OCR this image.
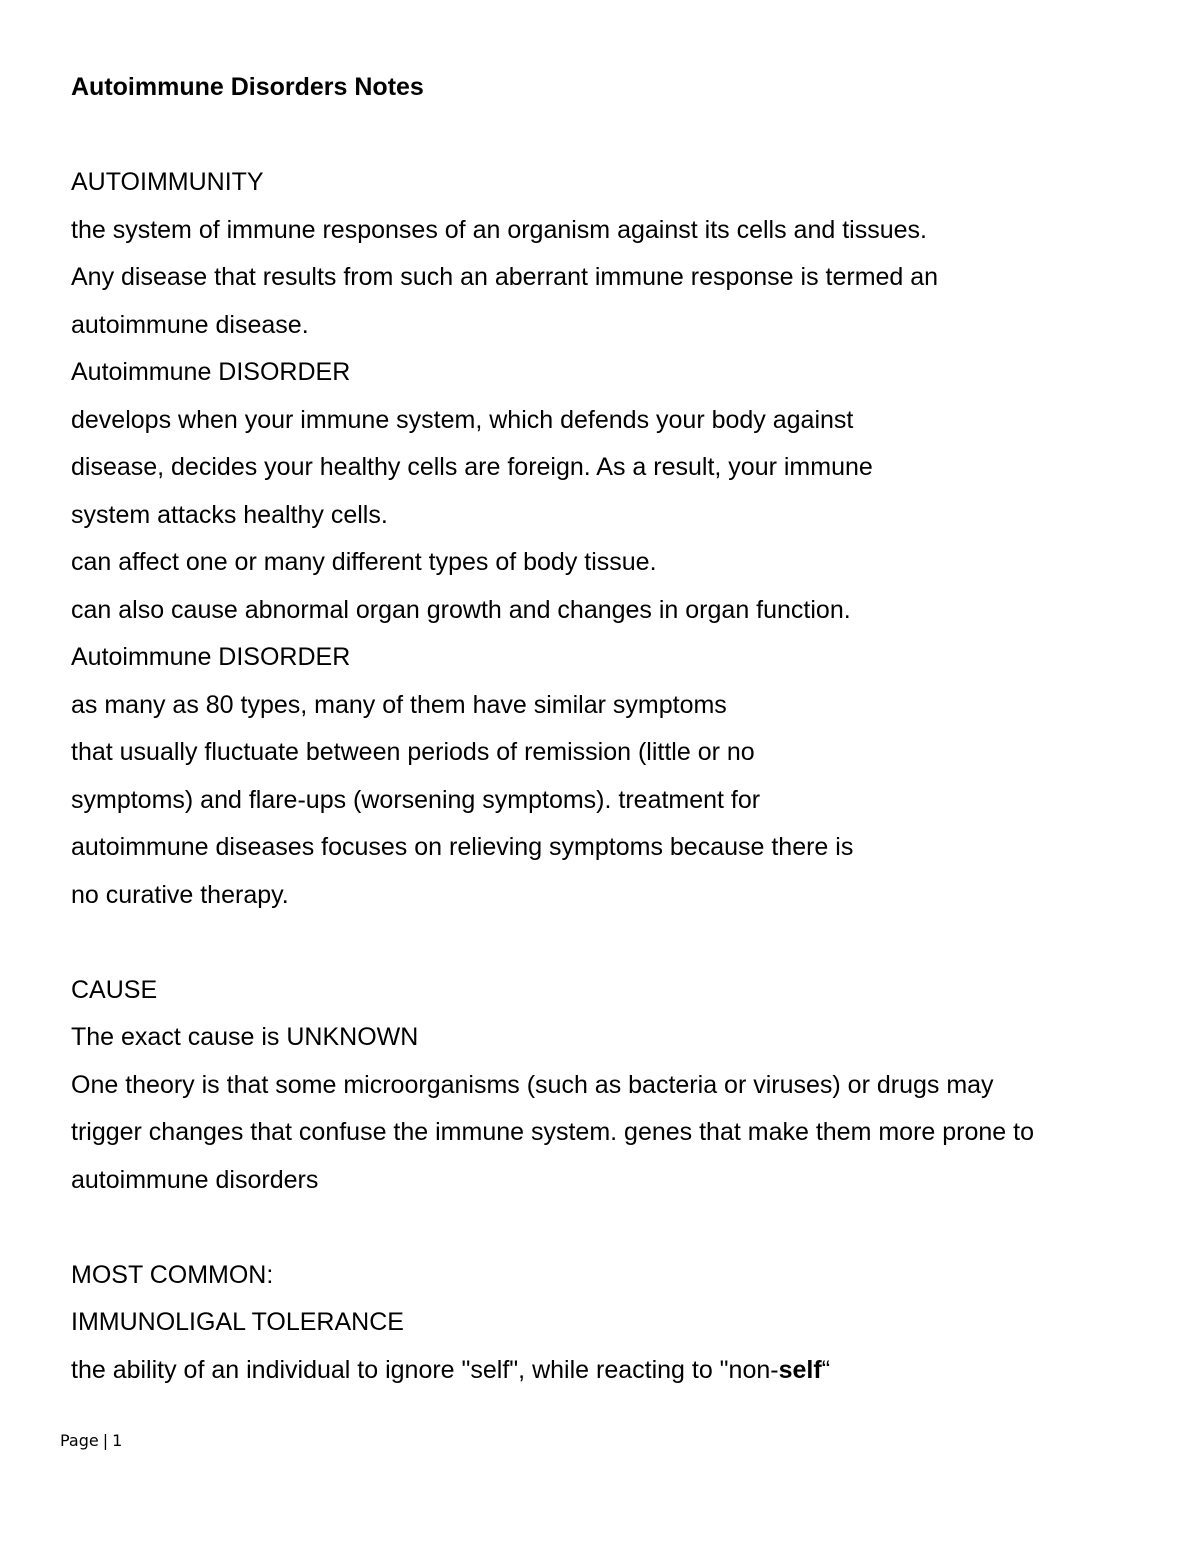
Autoimmune Disorders Notes
AUTOIMMUNITY
the system of immune responses of an organism against its cells and tissues.
Any disease that results from such an aberrant immune response is termed an
autoimmune disease.
Autoimmune DISORDER
develops when your immune system, which defends your body against
disease, decides your healthy cells are foreign. As a result, your immune
system attacks healthy cells.
can affect one or many different types of body tissue.
can also cause abnormal organ growth and changes in organ function.
Autoimmune DISORDER
as many as 80 types, many of them have similar symptoms
that usually fluctuate between periods of remission (little or no
symptoms) and flare-ups (worsening symptoms). treatment for
autoimmune diseases focuses on relieving symptoms because there is
no curative therapy.
CAUSE
The exact cause is UNKNOWN
One theory is that some microorganisms (such as bacteria or viruses) or drugs may
trigger changes that confuse the immune system. genes that make them more prone to
autoimmune disorders
MOST COMMON:
IMMUNOLIGAL TOLERANCE
the ability of an individual to ignore "self", while reacting to "non-self“
Page | 1
